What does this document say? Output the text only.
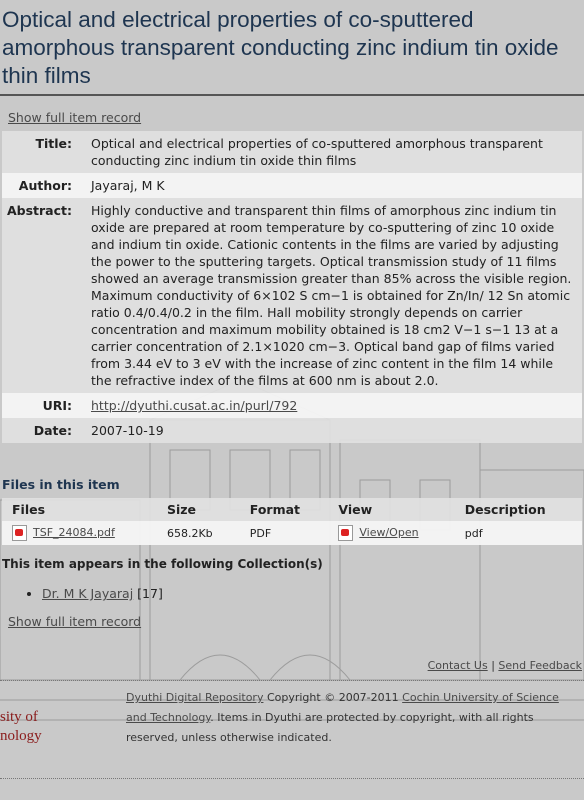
Optical and electrical properties of co-sputtered amorphous transparent conducting zinc indium tin oxide thin films
Show full item record
Title:	Optical and electrical properties of co-sputtered amorphous transparent conducting zinc indium tin oxide thin films
Author:	Jayaraj, M K
Abstract:	Highly conductive and transparent thin films of amorphous zinc indium tin oxide are prepared at room temperature by co-sputtering of zinc 10 oxide and indium tin oxide. Cationic contents in the films are varied by adjusting the power to the sputtering targets. Optical transmission study of 11 films showed an average transmission greater than 85% across the visible region. Maximum conductivity of 6×102 S cm−1 is obtained for Zn/In/ 12 Sn atomic ratio 0.4/0.4/0.2 in the film. Hall mobility strongly depends on carrier concentration and maximum mobility obtained is 18 cm2 V−1 s−1 13 at a carrier concentration of 2.1×1020 cm−3. Optical band gap of films varied from 3.44 eV to 3 eV with the increase of zinc content in the film 14 while the refractive index of the films at 600 nm is about 2.0.
URI:	http://dyuthi.cusat.ac.in/purl/792
Date:	2007-10-19
Files in this item
Files	Size	Format	View	Description
TSF_24084.pdf	658.2Kb	PDF	View/Open	pdf
This item appears in the following Collection(s)
• Dr. M K Jayaraj [17]
Show full item record
Contact Us | Send Feedback
sity of
nology
Dyuthi Digital Repository Copyright © 2007-2011 Cochin University of Science and Technology. Items in Dyuthi are protected by copyright, with all rights reserved, unless otherwise indicated.
